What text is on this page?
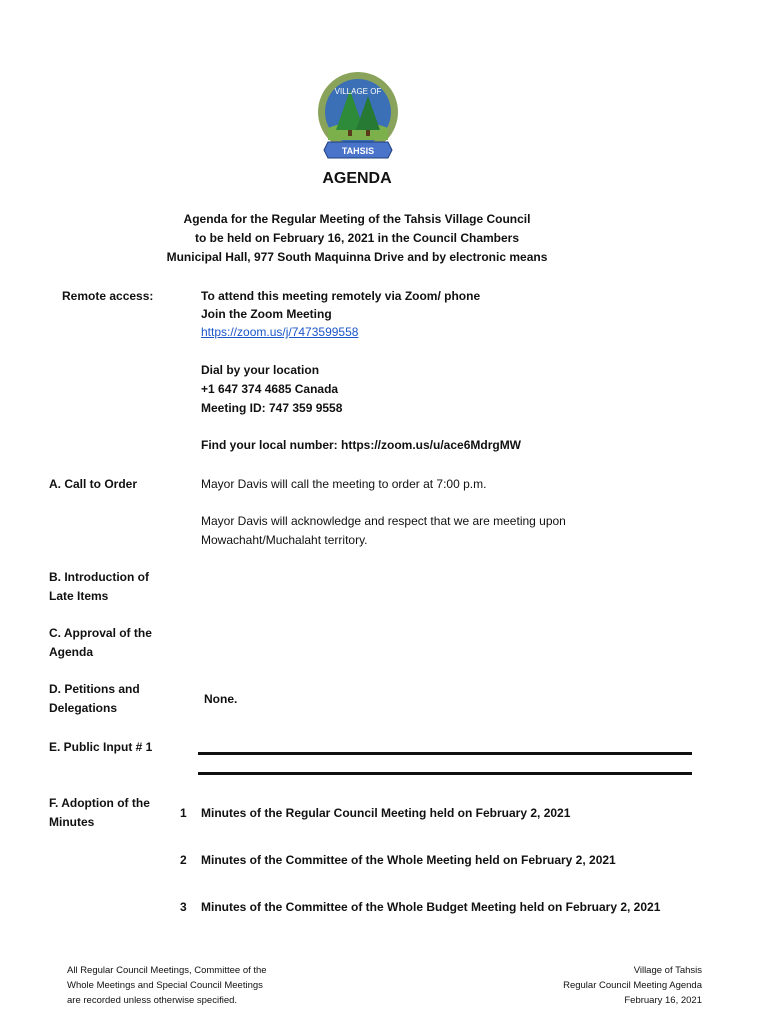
VILLAGE OF
TAHSIS
AGENDA
Agenda for the Regular Meeting of the Tahsis Village Council
to be held on February 16, 2021 in the Council Chambers
Municipal Hall, 977 South Maquinna Drive and by electronic means
Remote access:	To attend this meeting remotely via Zoom/ phone
Join the Zoom Meeting
https://zoom.us/j/7473599558
Dial by your location
+1 647 374 4685 Canada
Meeting ID: 747 359 9558
Find your local number: https://zoom.us/u/ace6MdrgMW
A. Call to Order	Mayor Davis will call the meeting to order at 7:00 p.m.
Mayor Davis will acknowledge and respect that we are meeting upon
Mowachaht/Muchalaht territory.
B. Introduction of
Late Items
C. Approval of the
Agenda
D. Petitions and
Delegations
None.
E. Public Input # 1
F. Adoption of the
Minutes
1 Minutes of the Regular Council Meeting held on February 2, 2021
2 Minutes of the Committee of the Whole Meeting held on February 2, 2021
3 Minutes of the Committee of the Whole Budget Meeting held on February 2, 2021
All Regular Council Meetings, Committee of the
Whole Meetings and Special Council Meetings
are recorded unless otherwise specified.
Village of Tahsis
Regular Council Meeting Agenda
February 16, 2021
